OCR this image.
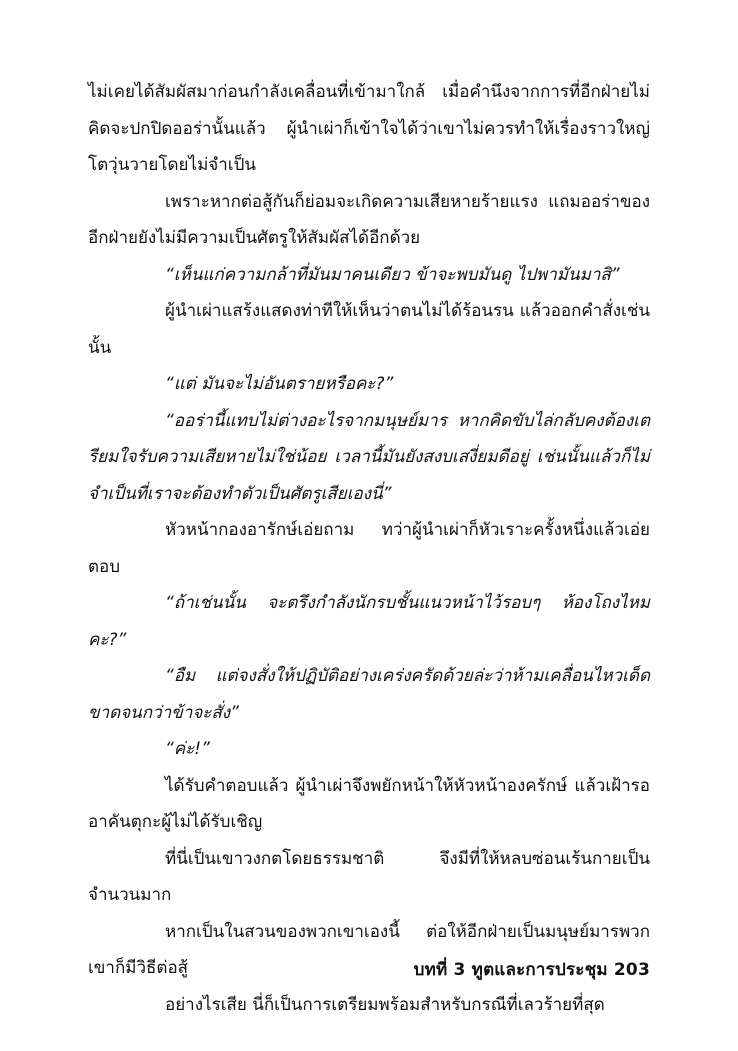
ไม่เคยได้สัมผัสมาก่อนกำลังเคลื่อนที่เข้ามาใกล้ เมื่อคำนึงจากการที่อีกฝ่ายไม่คิดจะปกปิดออร่านั้นแล้ว ผู้นำเผ่าก็เข้าใจได้ว่าเขาไม่ควรทำให้เรื่องราวใหญ่โตวุ่นวายโดยไม่จำเป็น

เพราะหากต่อสู้กันก็ย่อมจะเกิดความเสียหายร้ายแรง แถมออร่าของอีกฝ่ายยังไม่มีความเป็นศัตรูให้สัมผัสได้อีกด้วย

“เห็นแก่ความกล้าที่มันมาคนเดียว ข้าจะพบมันดู ไปพามันมาสิ”

ผู้นำเผ่าแสร้งแสดงท่าทีให้เห็นว่าตนไม่ได้ร้อนรน แล้วออกคำสั่งเช่นนั้น

“แต่ มันจะไม่อันตรายหรือคะ?”

“ออร่านี้แทบไม่ต่างอะไรจากมนุษย์มาร หากคิดขับไล่กลับคงต้องเตรียมใจรับความเสียหายไม่ใช่น้อย เวลานี้มันยังสงบเสงี่ยมดีอยู่ เช่นนั้นแล้วก็ไม่จำเป็นที่เราจะต้องทำตัวเป็นศัตรูเสียเองนี่”

หัวหน้ากองอารักษ์เอ่ยถาม ทว่าผู้นำเผ่าก็หัวเราะครั้งหนึ่งแล้วเอ่ยตอบ

“ถ้าเช่นนั้น จะตรึงกำลังนักรบชั้นแนวหน้าไว้รอบๆ ห้องโถงไหมคะ?”

“อืม แต่จงสั่งให้ปฏิบัติอย่างเคร่งครัดด้วยล่ะว่าห้ามเคลื่อนไหวเด็ดขาดจนกว่าข้าจะสั่ง”

“ค่ะ!”

ได้รับคำตอบแล้ว ผู้นำเผ่าจึงพยักหน้าให้หัวหน้าองครักษ์ แล้วเฝ้ารออาคันตุกะผู้ไม่ได้รับเชิญ

ที่นี่เป็นเขาวงกตโดยธรรมชาติ จึงมีที่ให้หลบซ่อนเร้นกายเป็นจำนวนมาก

หากเป็นในสวนของพวกเขาเองนี้ ต่อให้อีกฝ่ายเป็นมนุษย์มารพวกเขาก็มีวิธีต่อสู้

อย่างไรเสีย นี่ก็เป็นการเตรียมพร้อมสำหรับกรณีที่เลวร้ายที่สุด

บทที่ 3 ทูตและการประชุม 203
